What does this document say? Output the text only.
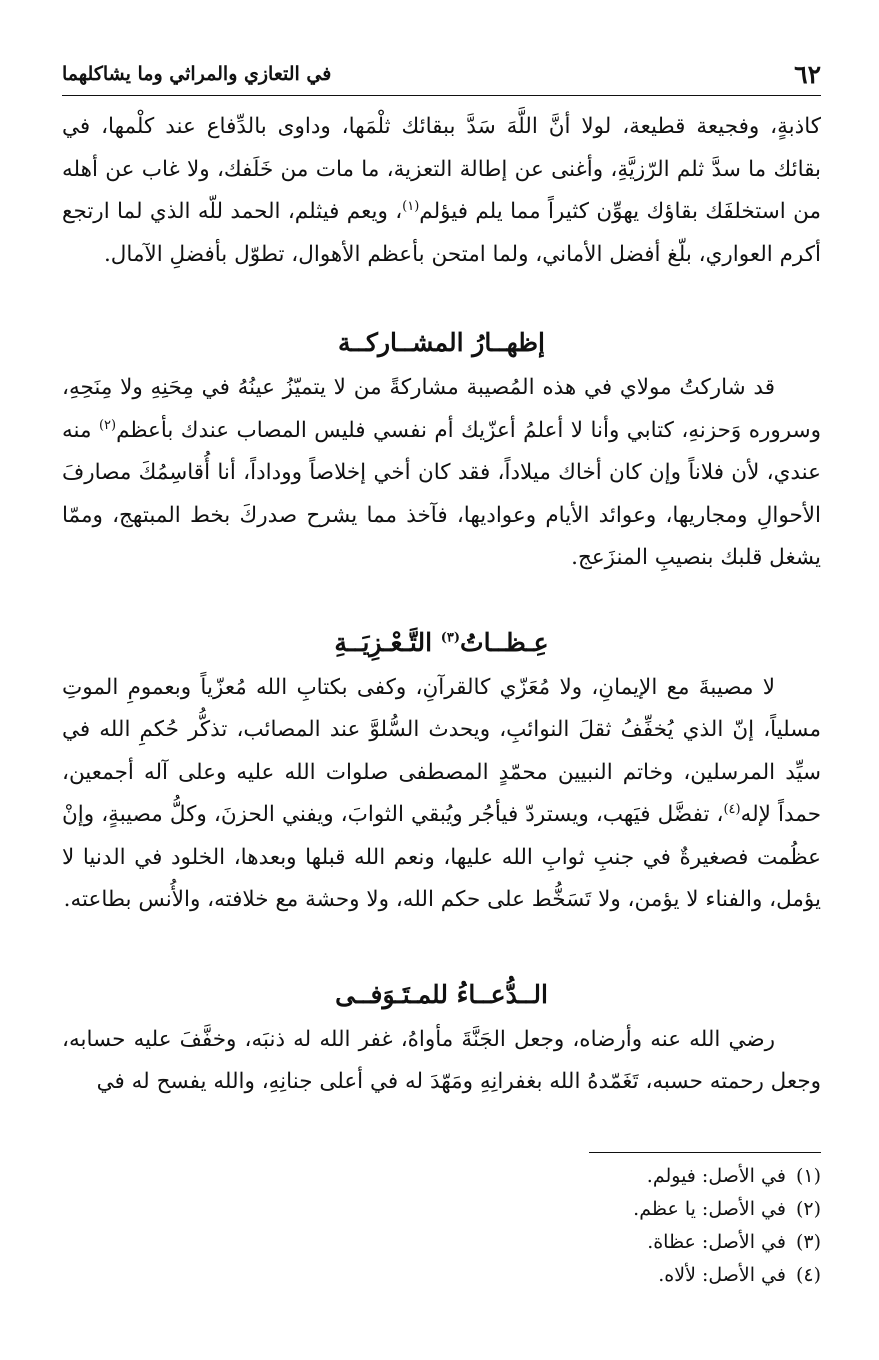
٦٢
في التعازي والمراثي وما يشاكلهما

كاذبةٍ، وفجيعة قطيعة، لولا أنَّ اللَّهَ سَدَّ ببقائك ثلْمَها، وداوى بالدِّفاع عند كلْمها، في بقائك ما سدَّ ثلم الرّزيَّةِ، وأغنى عن إطالة التعزية، ما مات من خَلَفك، ولا غاب عن أهله من استخلفَك بقاؤك يهوِّن كثيراً مما يلم فيؤلم$^{(١)}$، ويعم فيثلم، الحمد للّه الذي لما ارتجع أكرم العواري، بلّغ أفضل الأماني، ولما امتحن بأعظم الأهوال، تطوّل بأفضلِ الآمال.

إظهــارُ المشــاركــة

قد شاركتُ مولاي في هذه المُصيبة مشاركةً من لا يتميّزُ عينُهُ في مِحَنِهِ ولا مِنَحِهِ، وسروره وَحزنهِ، كتابي وأنا لا أعلمُ أعزّيك أم نفسي فليس المصاب عندك بأعظم$^{(٢)}$ منه عندي، لأن فلاناً وإن كان أخاك ميلاداً، فقد كان أخي إخلاصاً ووداداً، أنا أُقاسِمُكَ مصارفَ الأحوالِ ومجاريها، وعوائد الأيام وعواديها، فآخذ مما يشرح صدركَ بخط المبتهج، وممّا يشغل قلبك بنصيبِ المنزَعج.

عِـظــاتُ$^{(٣)}$ التَّـعْـزِيَــةِ

لا مصيبةَ مع الإيمانِ، ولا مُعَزّي كالقرآنِ، وكفى بكتابِ الله مُعزّياً وبعمومِ الموتِ مسلياً، إنّ الذي يُخفِّفُ ثقلَ النوائبِ، ويحدث السُّلوَّ عند المصائب، تذكُّر حُكمِ الله في سيِّد المرسلين، وخاتم النبيين محمّدٍ المصطفى صلوات الله عليه وعلى آله أجمعين، حمداً لإله$^{(٤)}$، تفضَّل فيَهب، ويستردّ فيأجُر ويُبقي الثوابَ، ويفني الحزنَ، وكلُّ مصيبةٍ، وإنْ عظُمت فصغيرةٌ في جنبِ ثوابِ الله عليها، ونعم الله قبلها وبعدها، الخلود في الدنيا لا يؤمل، والفناء لا يؤمن، ولا تَسَخُّط على حكم الله، ولا وحشة مع خلافته، والأُنس بطاعته.

الــدُّعــاءُ للمـتَـوَفــى

رضي الله عنه وأرضاه، وجعل الجَنَّةَ مأواهُ، غفر الله له ذنبَه، وخفَّفَ عليه حسابه، وجعل رحمته حسبه، تَغَمّدهُ الله بغفرانِهِ ومَهّدَ له في أعلى جنانِهِ، والله يفسح له في

(١)
في الأصل: فيولم.
(٢)
في الأصل: يا عظم.
(٣)
في الأصل: عظاة.
(٤)
في الأصل: لألاه.
